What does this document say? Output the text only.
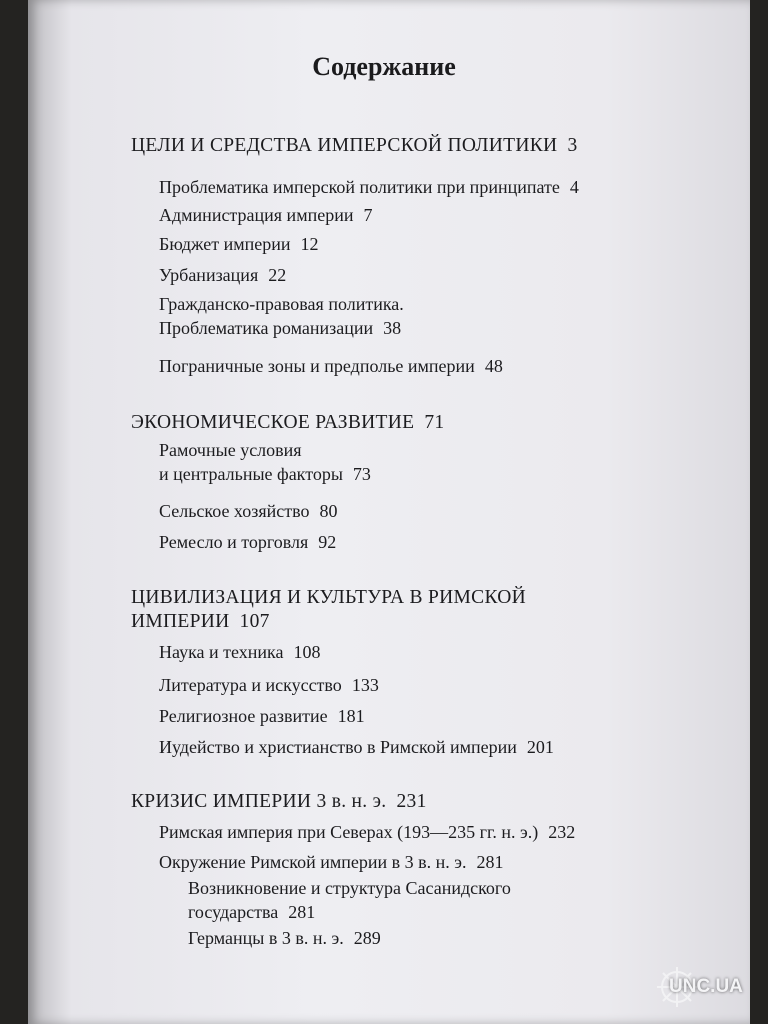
Содержание
ЦЕЛИ И СРЕДСТВА ИМПЕРСКОЙ ПОЛИТИКИ 3
Проблематика имперской политики при принципате 4
Администрация империи 7
Бюджет империи 12
Урбанизация 22
Гражданско-правовая политика.
Проблематика романизации 38
Пограничные зоны и предполье империи 48
ЭКОНОМИЧЕСКОЕ РАЗВИТИЕ 71
Рамочные условия
и центральные факторы 73
Сельское хозяйство 80
Ремесло и торговля 92
ЦИВИЛИЗАЦИЯ И КУЛЬТУРА В РИМСКОЙ
ИМПЕРИИ 107
Наука и техника 108
Литература и искусство 133
Религиозное развитие 181
Иудейство и христианство в Римской империи 201
КРИЗИС ИМПЕРИИ 3 в. н. э. 231
Римская империя при Северах (193—235 гг. н. э.) 232
Окружение Римской империи в 3 в. н. э. 281
Возникновение и структура Сасанидского
государства 281
Германцы в 3 в. н. э. 289
UNC.UA
